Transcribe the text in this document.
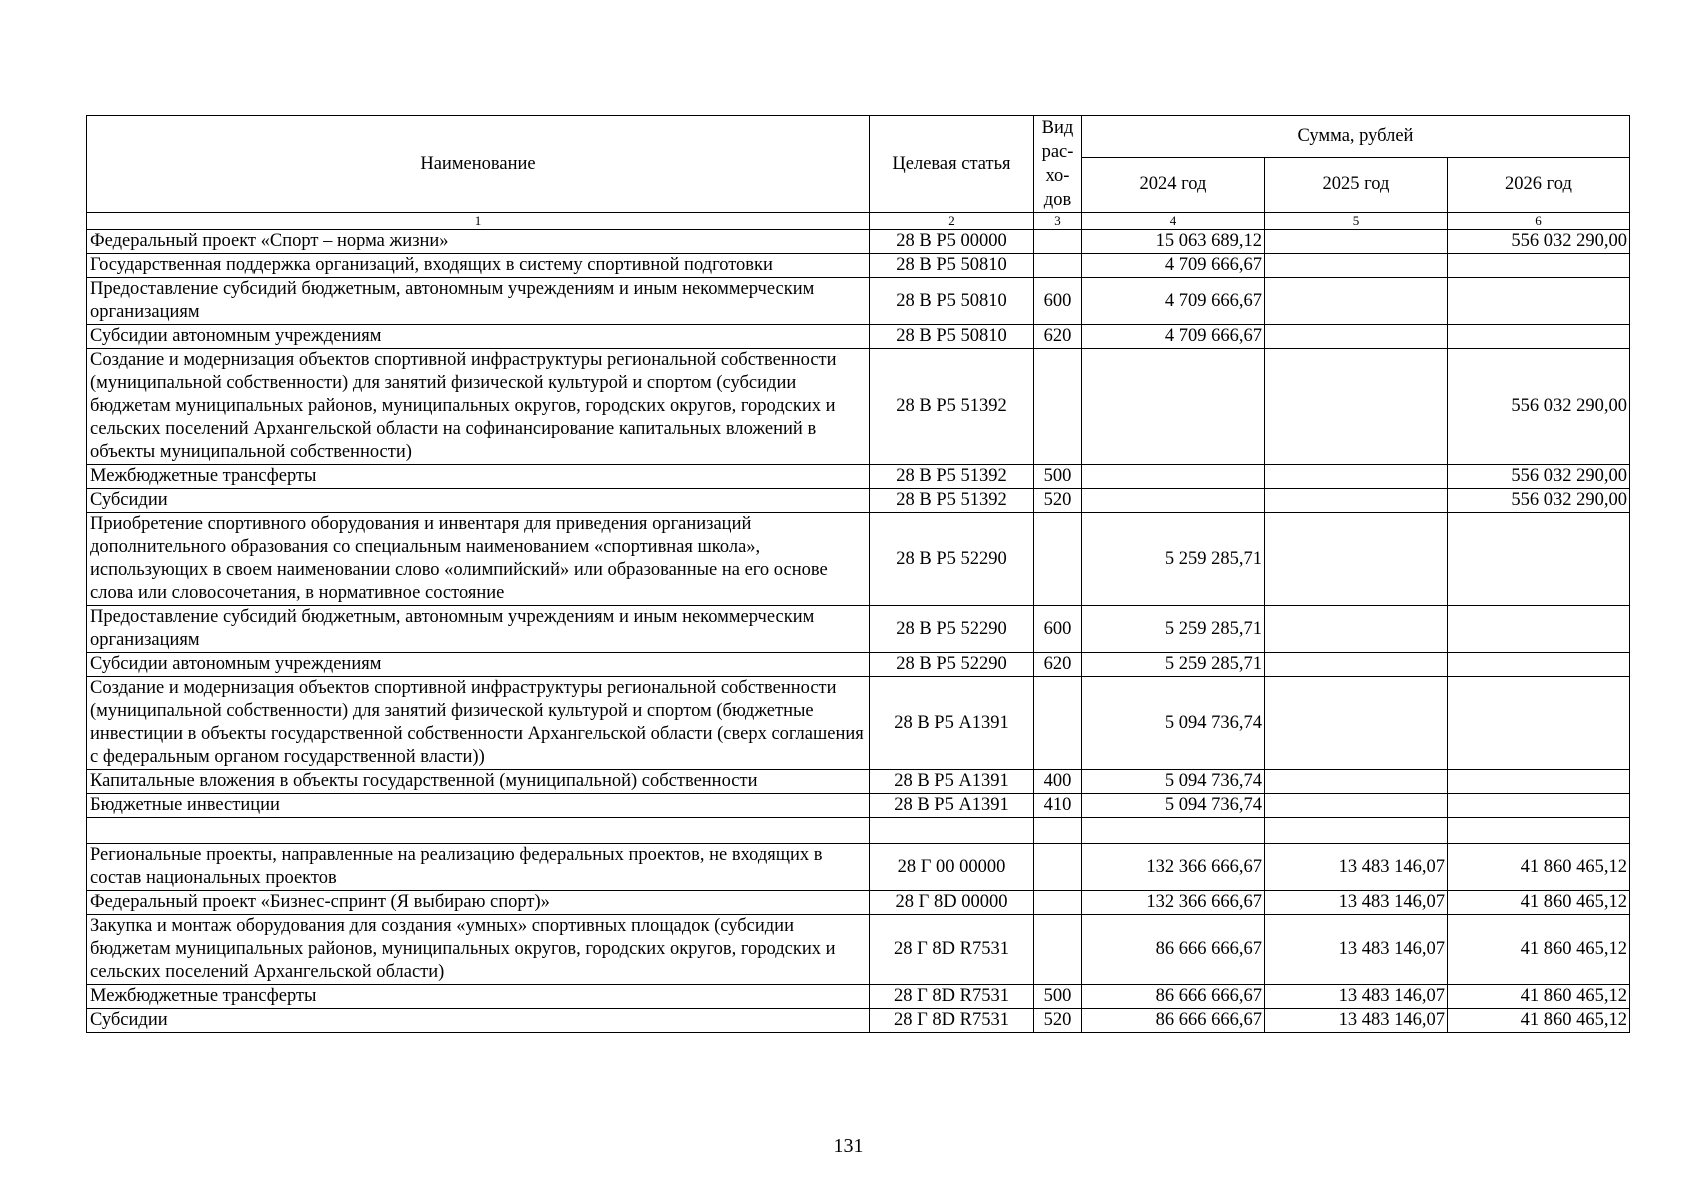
Наименование	Целевая статья	Вид рас-хо-дов	Сумма, рублей		
			2024 год	2025 год	2026 год
1	2	3	4	5	6
Федеральный проект «Спорт – норма жизни»	28 В Р5 00000		15 063 689,12		556 032 290,00
Государственная поддержка организаций, входящих в систему спортивной подготовки	28 В Р5 50810		4 709 666,67		
Предоставление субсидий бюджетным, автономным учреждениям и иным некоммерческим организациям	28 В Р5 50810	600	4 709 666,67		
Субсидии автономным учреждениям	28 В Р5 50810	620	4 709 666,67		
Создание и модернизация объектов спортивной инфраструктуры региональной собственности (муниципальной собственности) для занятий физической культурой и спортом (субсидии бюджетам муниципальных районов, муниципальных округов, городских округов, городских и сельских поселений Архангельской области на софинансирование капитальных вложений в объекты муниципальной собственности)	28 В Р5 51392				556 032 290,00
Межбюджетные трансферты	28 В Р5 51392	500			556 032 290,00
Субсидии	28 В Р5 51392	520			556 032 290,00
Приобретение спортивного оборудования и инвентаря для приведения организаций дополнительного образования со специальным наименованием «спортивная школа», использующих в своем наименовании слово «олимпийский» или образованные на его основе слова или словосочетания, в нормативное состояние	28 В Р5 52290		5 259 285,71		
Предоставление субсидий бюджетным, автономным учреждениям и иным некоммерческим организациям	28 В Р5 52290	600	5 259 285,71		
Субсидии автономным учреждениям	28 В Р5 52290	620	5 259 285,71		
Создание и модернизация объектов спортивной инфраструктуры региональной собственности (муниципальной собственности) для занятий физической культурой и спортом (бюджетные инвестиции в объекты государственной собственности Архангельской области (сверх соглашения с федеральным органом государственной власти))	28 В Р5 А1391		5 094 736,74		
Капитальные вложения в объекты государственной (муниципальной) собственности	28 В Р5 А1391	400	5 094 736,74		
Бюджетные инвестиции	28 В Р5 А1391	410	5 094 736,74		

Региональные проекты, направленные на реализацию федеральных проектов, не входящих в состав национальных проектов	28 Г 00 00000		132 366 666,67	13 483 146,07	41 860 465,12
Федеральный проект «Бизнес-спринт (Я выбираю спорт)»	28 Г 8D 00000		132 366 666,67	13 483 146,07	41 860 465,12
Закупка и монтаж оборудования для создания «умных» спортивных площадок (субсидии бюджетам муниципальных районов, муниципальных округов, городских округов, городских и сельских поселений Архангельской области)	28 Г 8D R7531		86 666 666,67	13 483 146,07	41 860 465,12
Межбюджетные трансферты	28 Г 8D R7531	500	86 666 666,67	13 483 146,07	41 860 465,12
Субсидии	28 Г 8D R7531	520	86 666 666,67	13 483 146,07	41 860 465,12
131
